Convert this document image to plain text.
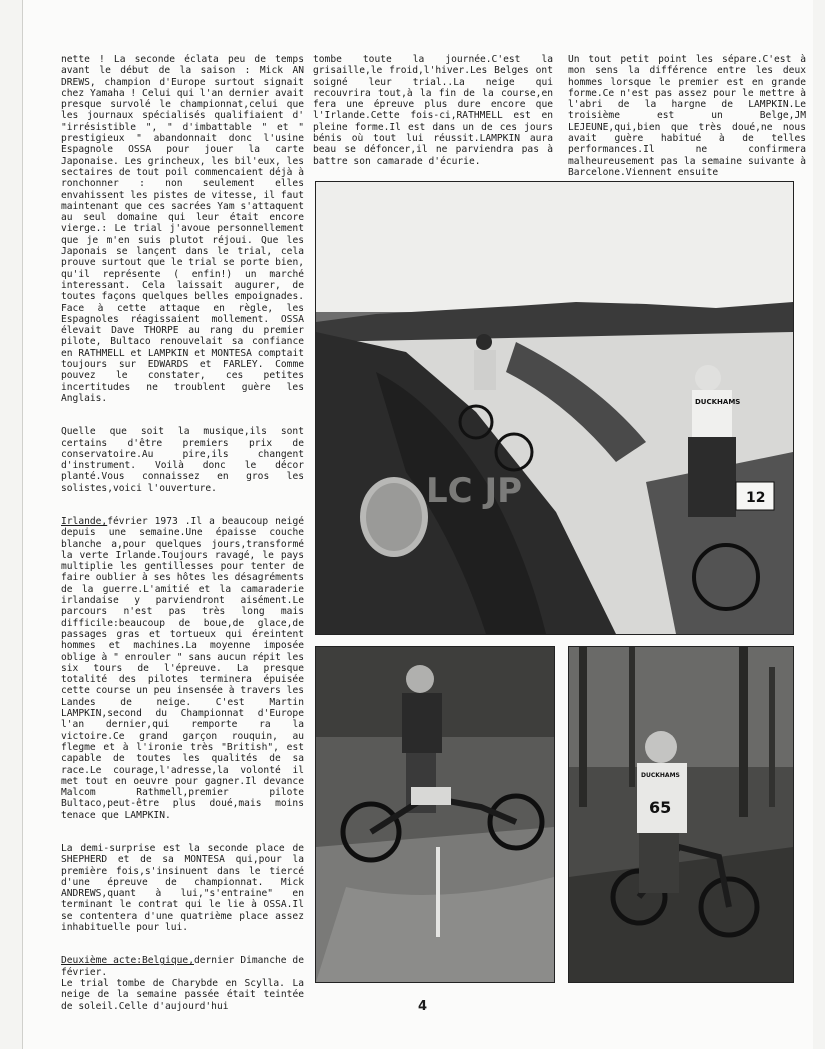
nette ! La seconde éclata peu de temps avant le début de la saison : Mick AN DREWS, champion d'Europe surtout signait chez Yamaha ! Celui qui l'an dernier avait presque survolé le championnat,celui que les journaux spécialisés qualifiaient d' "irrésistible ", " d'imbattable " et " prestigieux " abandonnait donc l'usine Espagnole OSSA pour jouer la carte Japonaise. Les grincheux, les bil'eux, les sectaires de tout poil commencaient déjà à ronchonner : non seulement elles envahissent les pistes de vitesse, il faut maintenant que ces sacrées Yam s'attaquent au seul domaine qui leur était encore vierge.: Le trial j'avoue personnellement que je m'en suis plutot réjoui. Que les Japonais se lançent dans le trial, cela prouve surtout que le trial se porte bien, qu'il représente ( enfin!) un marché interessant. Cela laissait augurer, de toutes façons quelques belles empoignades. Face à cette attaque en règle, les Espagnoles réagissaient mollement. OSSA élevait Dave THORPE au rang du premier pilote, Bultaco renouvelait sa confiance en RATHMELL et LAMPKIN et MONTESA comptait toujours sur EDWARDS et FARLEY. Comme pouvez le constater, ces petites incertitudes ne troublent guère les Anglais.

Quelle que soit la musique,ils sont certains d'être premiers prix de conservatoire.Au pire,ils changent d'instrument. Voilà donc le décor planté.Vous connaissez en gros les solistes,voici l'ouverture.

Irlande,février 1973 .Il a beaucoup neigé depuis une semaine.Une épaisse couche blanche a,pour quelques jours,transformé la verte Irlande.Toujours ravagé, le pays multiplie les gentillesses pour tenter de faire oublier à ses hôtes les désagréments de la guerre.L'amitié et la camaraderie irlandaise y parviendront aisément.Le parcours n'est pas très long mais difficile:beaucoup de boue,de glace,de passages gras et tortueux qui éreintent hommes et machines.La moyenne imposée oblige à " enrouler " sans aucun répit les six tours de l'épreuve. La presque totalité des pilotes terminera épuisée cette course un peu insensée à travers les Landes de neige. C'est Martin LAMPKIN,second du Championnat d'Europe l'an dernier,qui remporte ra la victoire.Ce grand garçon rouquin, au flegme et à l'ironie très "British", est capable de toutes les qualités de sa race.Le courage,l'adresse,la volonté il met tout en oeuvre pour gagner.Il devance Malcom Rathmell,premier pilote Bultaco,peut-être plus doué,mais moins tenace que LAMPKIN.

La demi-surprise est la seconde place de SHEPHERD et de sa MONTESA qui,pour la première fois,s'insinuent dans le tiercé d'une épreuve de championnat. Mick ANDREWS,quant à lui,"s'entraine" en terminant le contrat qui le lie à OSSA.Il se contentera d'une quatrième place assez inhabituelle pour lui.

Deuxième acte:Belgique,dernier Dimanche de février.

Le trial tombe de Charybde en Scylla. La neige de la semaine passée était teintée de soleil.Celle d'aujourd'hui

tombe toute la journée.C'est la grisaille,le froid,l'hiver.Les Belges ont soigné leur trial..La neige qui recouvrira tout,à la fin de la course,en fera une épreuve plus dure encore que l'Irlande.Cette fois-ci,RATHMELL est en pleine forme.Il est dans un de ces jours bénis où tout lui réussit.LAMPKIN aura beau se défoncer,il ne parviendra pas à battre son camarade d'écurie.

Un tout petit point les sépare.C'est à mon sens la différence entre les deux hommes lorsque le premier est en grande forme.Ce n'est pas assez pour le mettre à l'abri de la hargne de LAMPKIN.Le troisième est un Belge,JM LEJEUNE,qui,bien que très doué,ne nous avait guère habitué à de telles performances.Il ne confirmera malheureusement pas la semaine suivante à Barcelone.Viennent ensuite

12
DUCKHAMS
LC JP
65
DUCKHAMS
4
